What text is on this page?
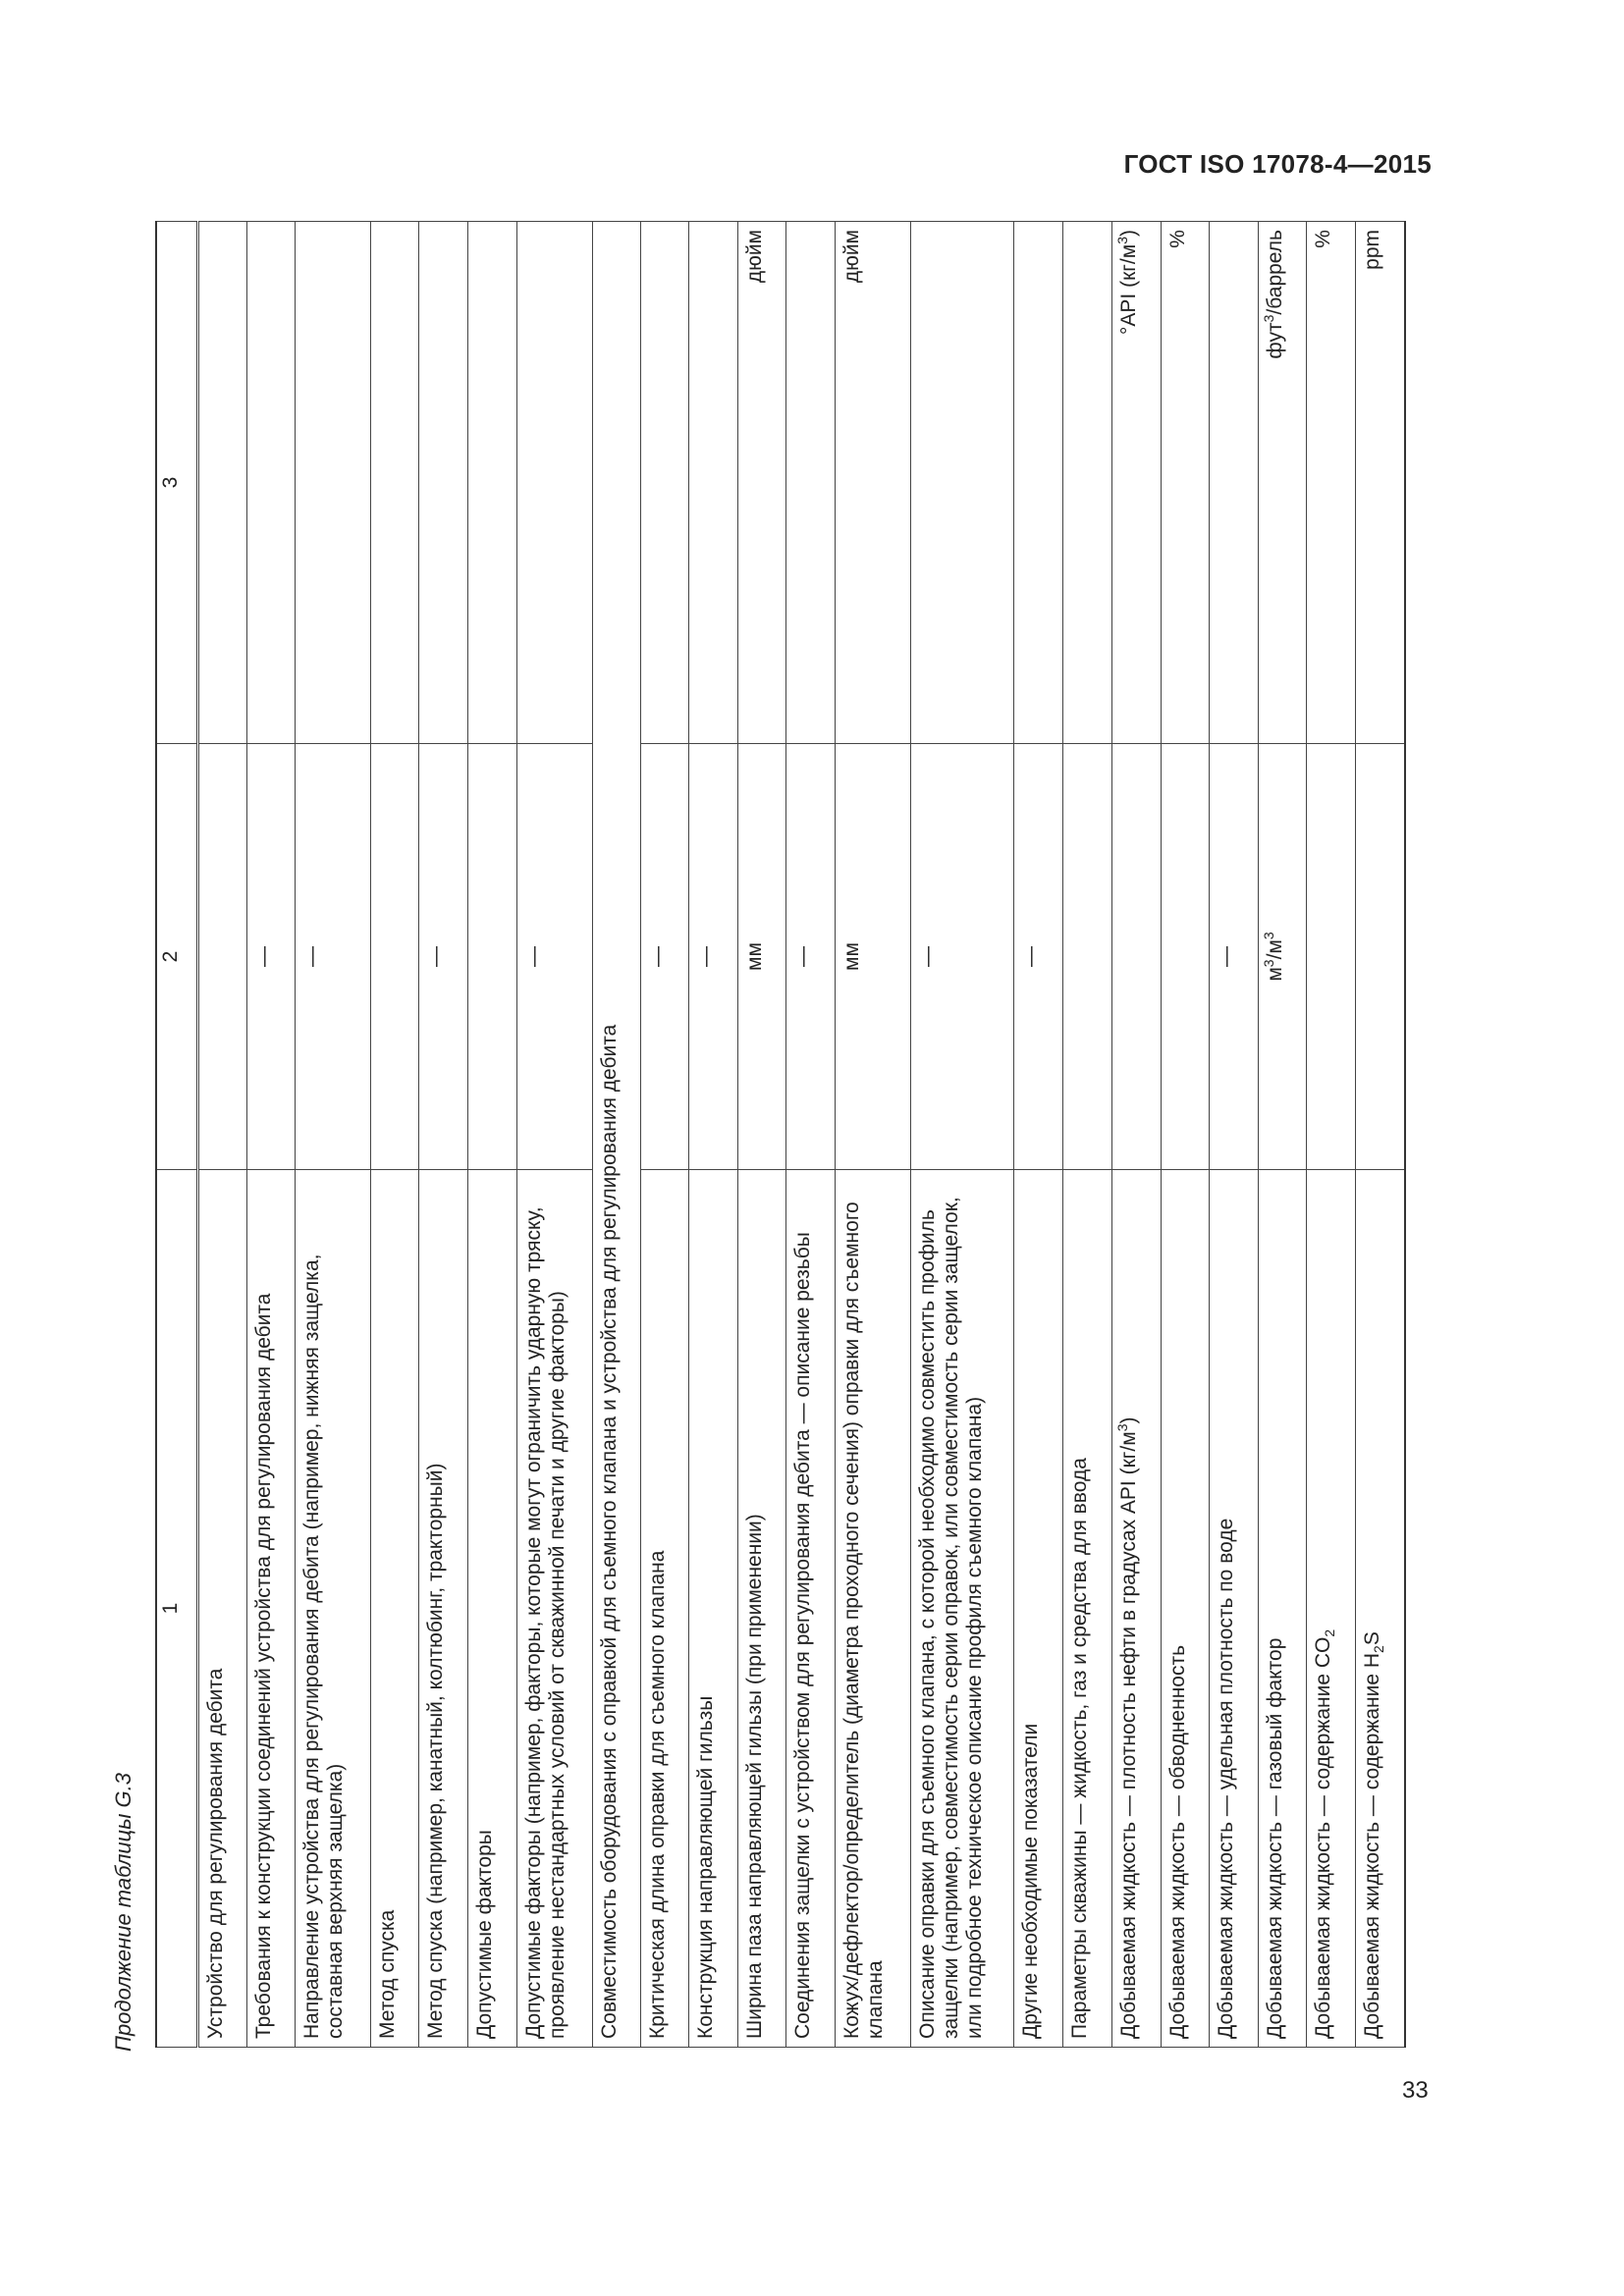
ГОСТ ISO 17078-4—2015
Продолжение таблицы G.3
1	2	3
Устройство для регулирования дебита		
Требования к конструкции соединений устройства для регулирования дебита	—	
Направление устройства для регулирования дебита (например, нижняя защелка, составная верхняя защелка)	—	
Метод спуска		
Метод спуска (например, канатный, колтюбинг, тракторный)	—	
Допустимые факторы		
Допустимые факторы (например, факторы, которые могут ограничить ударную тряску, проявление нестандартных условий от скважинной печати и другие факторы)	—	
Совместимость оборудования с оправкой для съемного клапана и устройства для регулирования дебита		
Критическая длина оправки для съемного клапана	—	
Конструкция направляющей гильзы	—	
Ширина паза направляющей гильзы (при применении)	мм	дюйм
Соединения защелки с устройством для регулирования дебита — описание резьбы	—	
Кожух/дефлектор/определитель (диаметра проходного сечения) оправки для съемного клапана	мм	дюйм
Описание оправки для съемного клапана, с которой необходимо совместить профиль защелки (например, совместимость серии оправок, или совместимость серии защелок, или подробное техническое описание профиля съемного клапана)	—	
Другие необходимые показатели	—	
Параметры скважины — жидкость, газ и средства для ввода		
Добываемая жидкость — плотность нефти в градусах API $(кг/м^3)$		°API $(кг/м^3)$
Добываемая жидкость — обводненность		%
Добываемая жидкость — удельная плотность по воде	—	
Добываемая жидкость — газовый фактор	$м^3/м^3$	фут$^3$/баррель
Добываемая жидкость — содержание $CO_2$		%
Добываемая жидкость — содержание $H_2S$		ppm
33
